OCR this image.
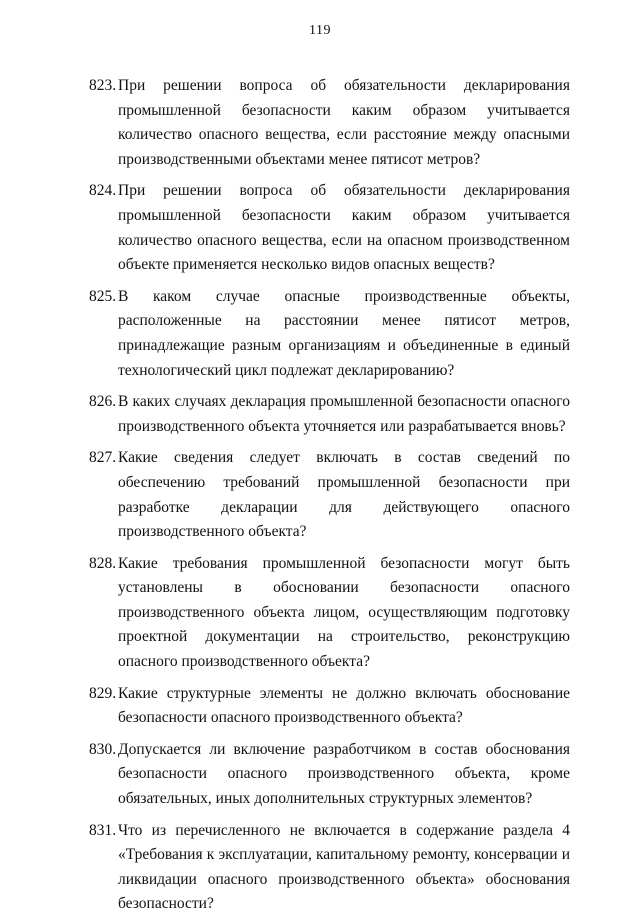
119
823. При решении вопроса об обязательности декларирования промышленной безопасности каким образом учитывается количество опасного вещества, если расстояние между опасными производственными объектами менее пятисот метров?
824. При решении вопроса об обязательности декларирования промышленной безопасности каким образом учитывается количество опасного вещества, если на опасном производственном объекте применяется несколько видов опасных веществ?
825. В каком случае опасные производственные объекты, расположенные на расстоянии менее пятисот метров, принадлежащие разным организациям и объединенные в единый технологический цикл подлежат декларированию?
826. В каких случаях декларация промышленной безопасности опасного производственного объекта уточняется или разрабатывается вновь?
827. Какие сведения следует включать в состав сведений по обеспечению требований промышленной безопасности при разработке декларации для действующего опасного производственного объекта?
828. Какие требования промышленной безопасности могут быть установлены в обосновании безопасности опасного производственного объекта лицом, осуществляющим подготовку проектной документации на строительство, реконструкцию опасного производственного объекта?
829. Какие структурные элементы не должно включать обоснование безопасности опасного производственного объекта?
830. Допускается ли включение разработчиком в состав обоснования безопасности опасного производственного объекта, кроме обязательных, иных дополнительных структурных элементов?
831. Что из перечисленного не включается в содержание раздела 4 «Требования к эксплуатации, капитальному ремонту, консервации и ликвидации опасного производственного объекта» обоснования безопасности?
